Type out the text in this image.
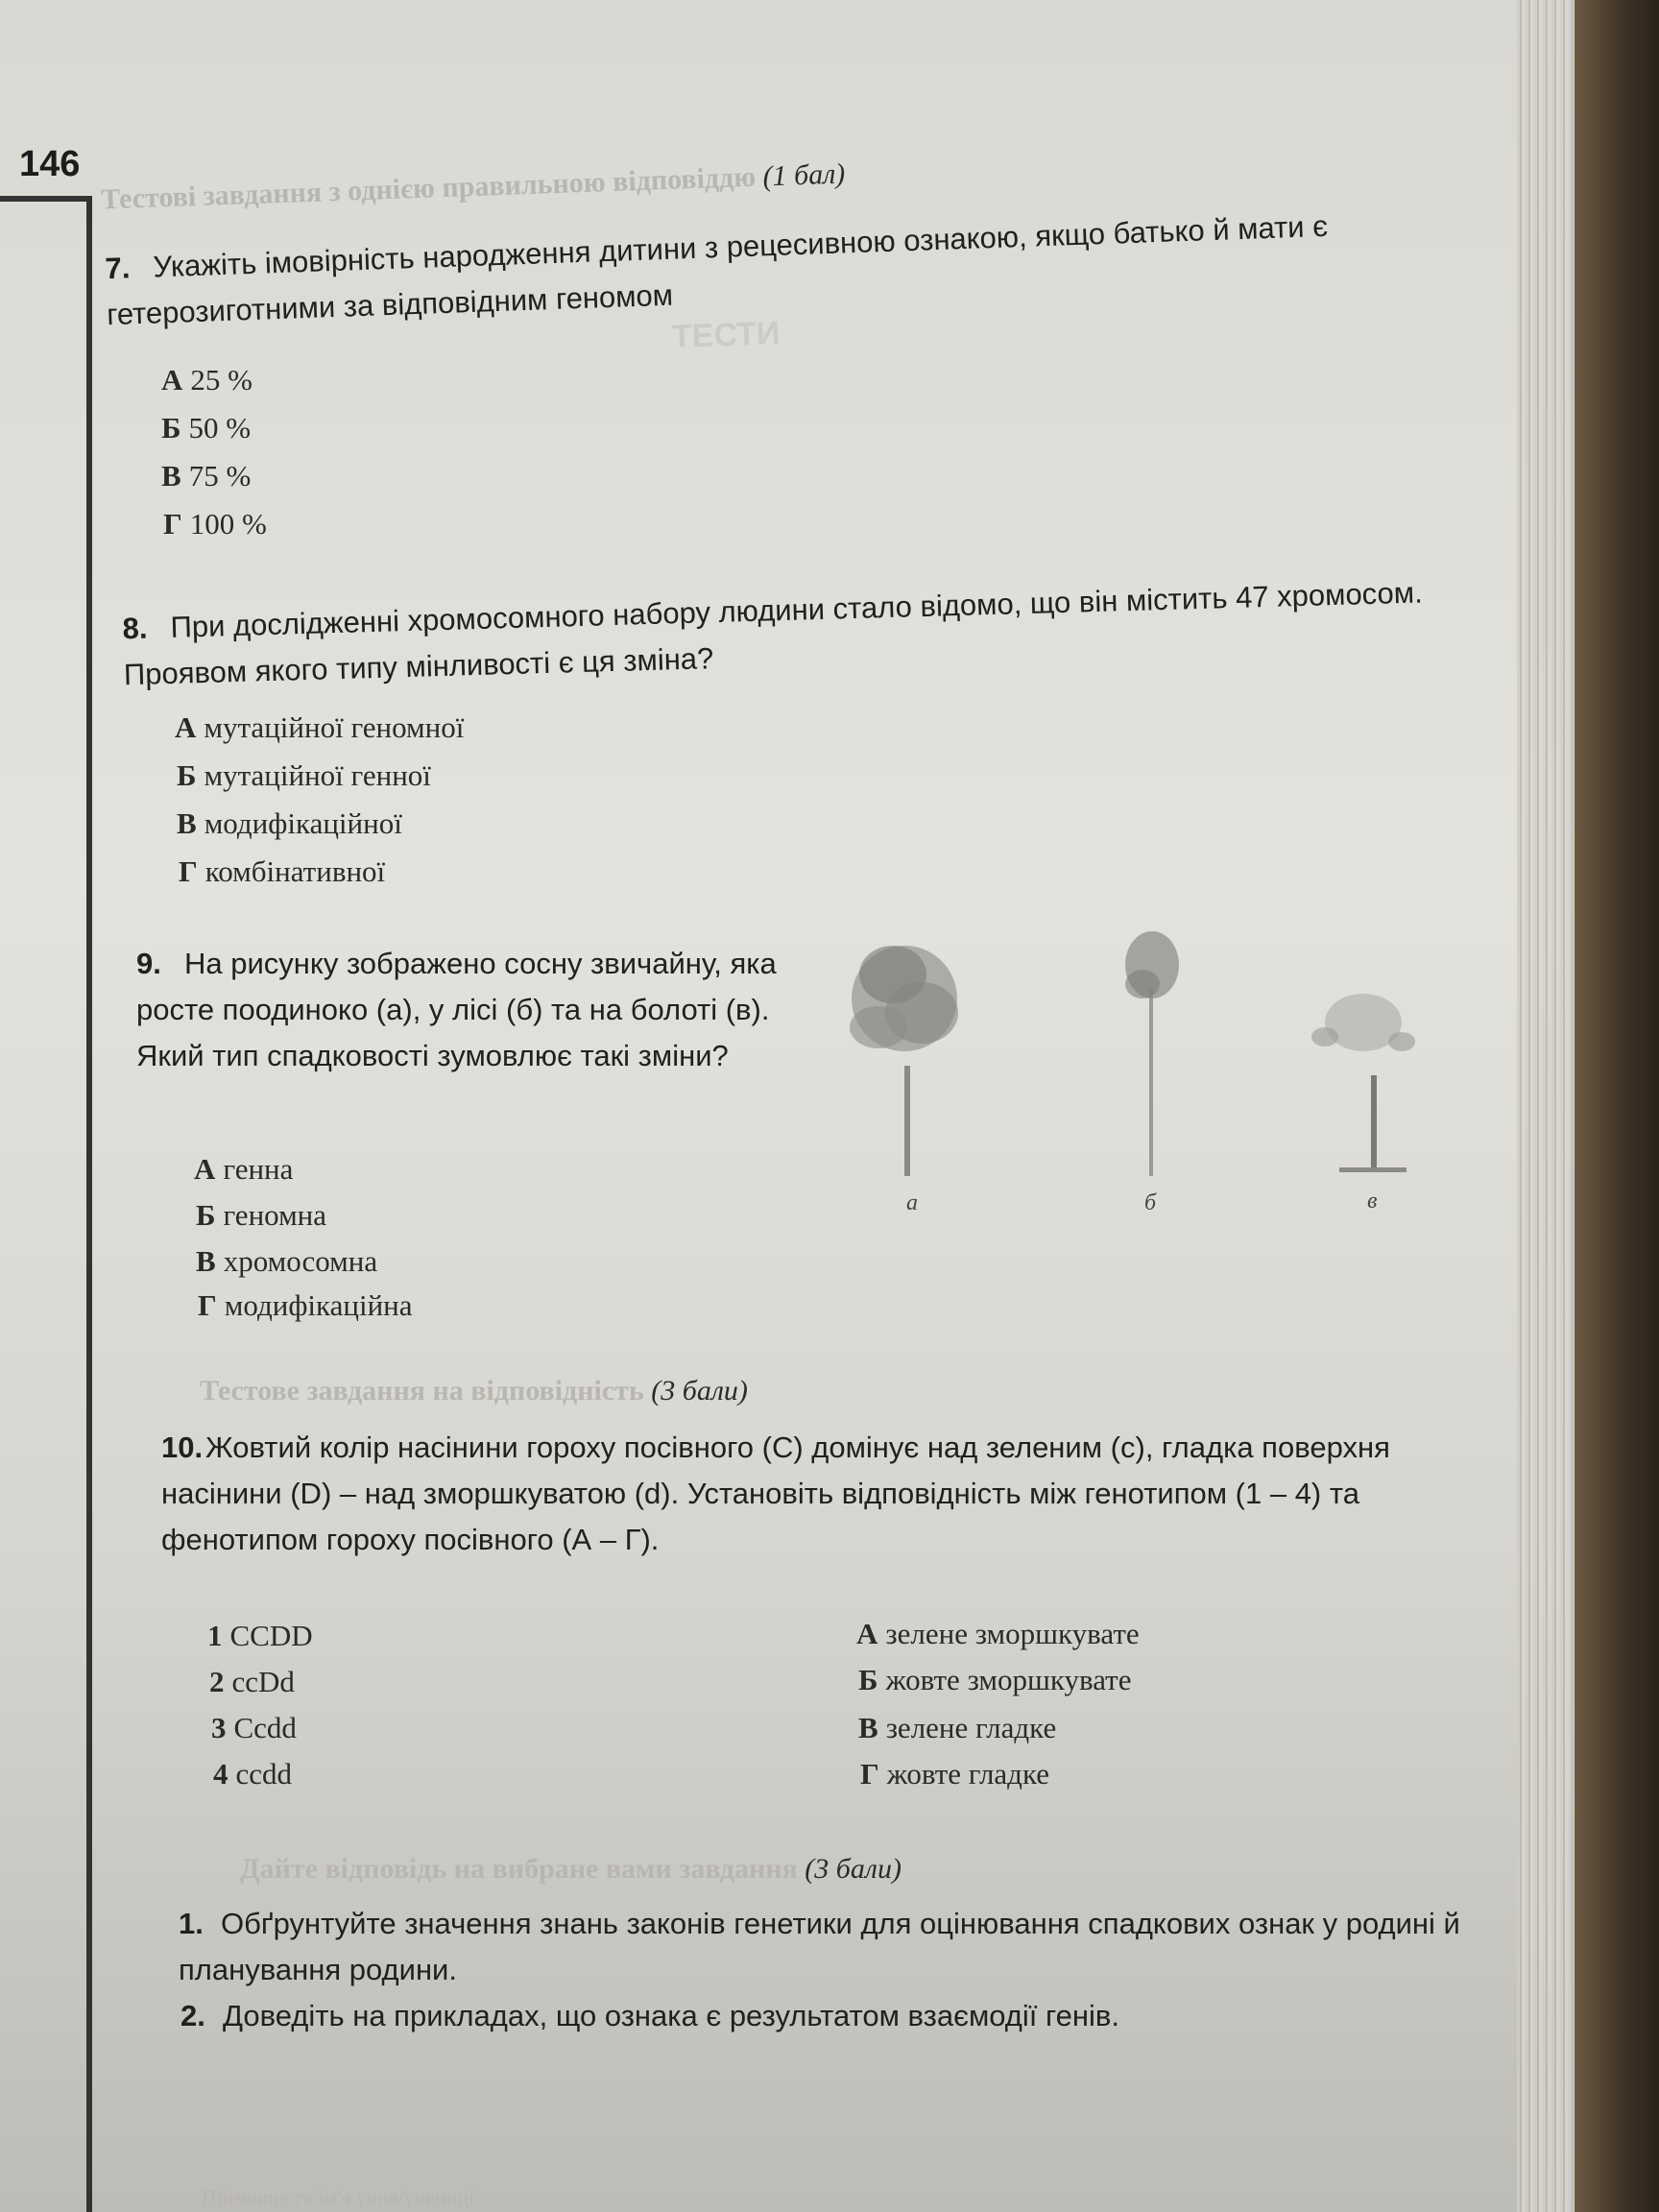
146 Тестові завдання з однією правильною відповіддю (1 бал)
ТЕСТИ
7. Укажіть імовірність народження дитини з рецесивною ознакою, якщо батько й мати є гетерозиготними за відповідним геномом
А 25 %
Б 50 %
В 75 %
Г 100 %
8. При дослідженні хромосомного набору людини стало відомо, що він містить 47 хромосом. Проявом якого типу мінливості є ця зміна?
А мутаційної геномної
Б мутаційної генної
В модифікаційної
Г комбінативної
9. На рисунку зображено сосну звичайну, яка росте поодиноко (а), у лісі (б) та на болоті (в). Який тип спадковості зумовлює такі зміни?
А генна
Б геномна
В хромосомна
Г модифікаційна
а	б	в
Тестове завдання на відповідність (3 бали)
10.Жовтий колір насінини гороху посівного (С) домінує над зеленим (с), гладка поверхня насінини (D) – над зморшкуватою (d). Установіть відповідність між генотипом (1 – 4) та фенотипом гороху посівного (А – Г).
1 CCDD
2 ccDd
3 Ccdd
4 ccdd
А зелене зморшкувате
Б жовте зморшкувате
В зелене гладке
Г жовте гладке
Дайте відповідь на вибране вами завдання (3 бали)
1. Обґрунтуйте значення знань законів генетики для оцінювання спадкових ознак у родині й планування родини.
2. Доведіть на прикладах, що ознака є результатом взаємодії генів.
Прізвище та ім'я учня/учениці
